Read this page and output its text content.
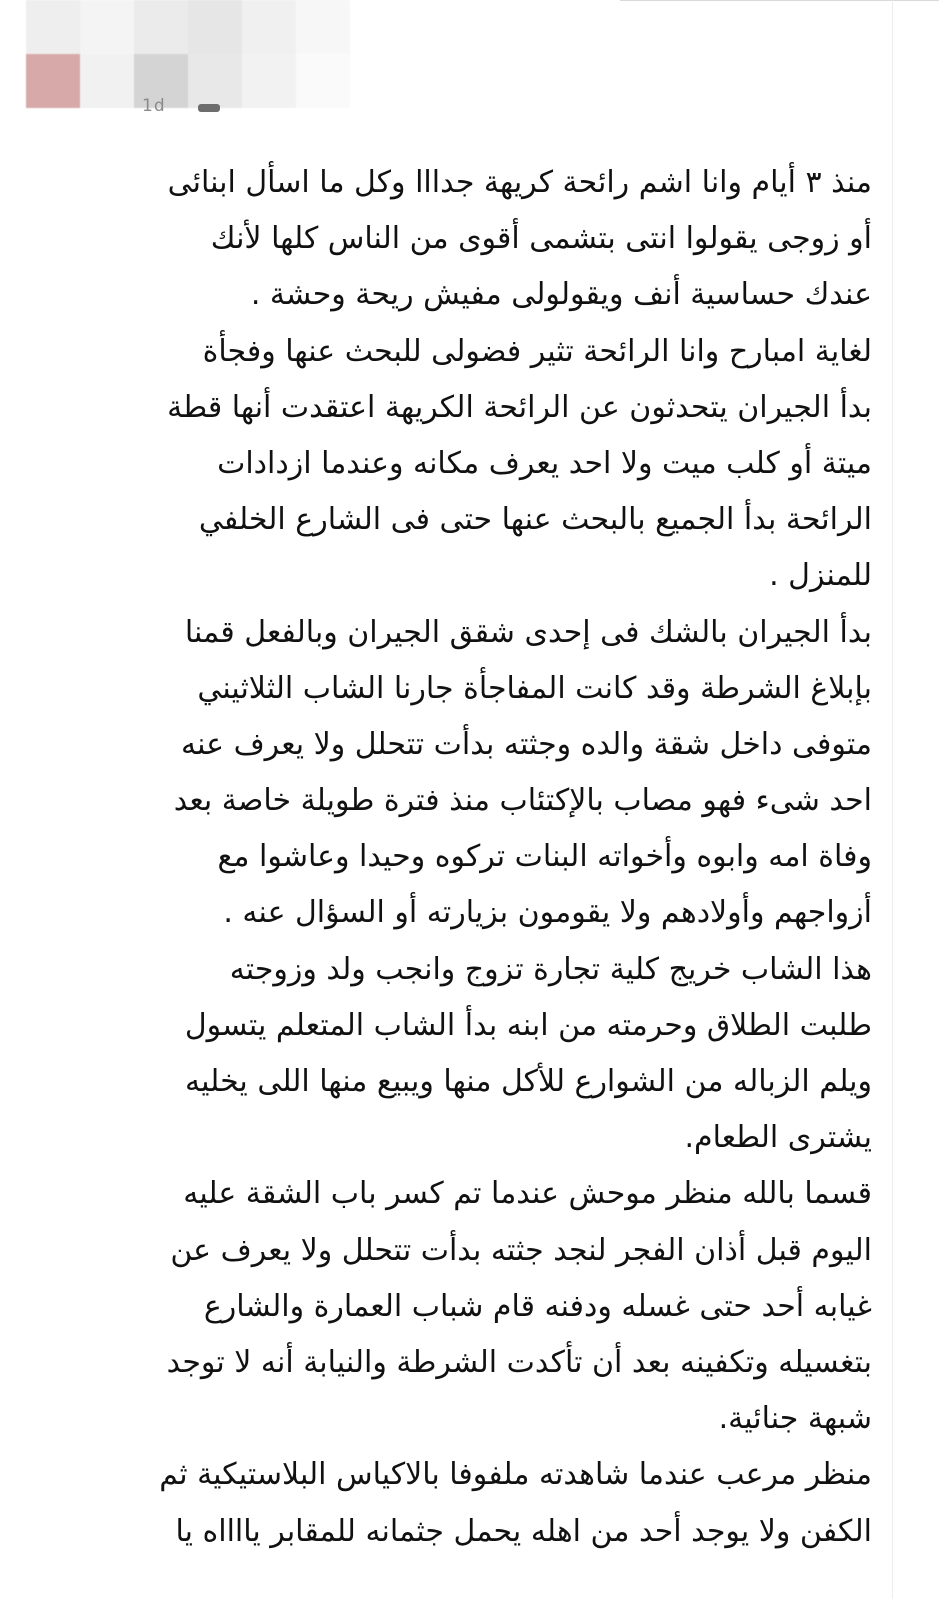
1d
منذ ٣ أيام وانا اشم رائحة كريهة جدااا وكل ما اسأل ابنائى
أو زوجى يقولوا انتى بتشمى أقوى من الناس كلها لأنك
عندك حساسية أنف ويقولولى مفيش ريحة وحشة .
لغاية امبارح وانا الرائحة تثير فضولى للبحث عنها وفجأة
بدأ الجيران يتحدثون عن الرائحة الكريهة اعتقدت أنها قطة
ميتة أو كلب ميت ولا احد يعرف مكانه وعندما ازدادات
الرائحة بدأ الجميع بالبحث عنها حتى فى الشارع الخلفي
للمنزل .
بدأ الجيران بالشك فى إحدى شقق الجيران وبالفعل قمنا
بإبلاغ الشرطة وقد كانت المفاجأة جارنا الشاب الثلاثيني
متوفى داخل شقة والده وجثته بدأت تتحلل ولا يعرف عنه
احد شىء فهو مصاب بالإكتئاب منذ فترة طويلة خاصة بعد
وفاة امه وابوه وأخواته البنات تركوه وحيدا وعاشوا مع
أزواجهم وأولادهم ولا يقومون بزيارته أو السؤال عنه .
هذا الشاب خريج كلية تجارة تزوج وانجب ولد وزوجته
طلبت الطلاق وحرمته من ابنه بدأ الشاب المتعلم يتسول
ويلم الزباله من الشوارع للأكل منها ويبيع منها اللى يخليه
يشترى الطعام.
قسما بالله منظر موحش عندما تم كسر باب الشقة عليه
اليوم قبل أذان الفجر لنجد جثته بدأت تتحلل ولا يعرف عن
غيابه أحد حتى غسله ودفنه قام شباب العمارة والشارع
بتغسيله وتكفينه بعد أن تأكدت الشرطة والنيابة أنه لا توجد
شبهة جنائية.
منظر مرعب عندما شاهدته ملفوفا بالاكياس البلاستيكية ثم
الكفن ولا يوجد أحد من اهله يحمل جثمانه للمقابر يااااه يا
